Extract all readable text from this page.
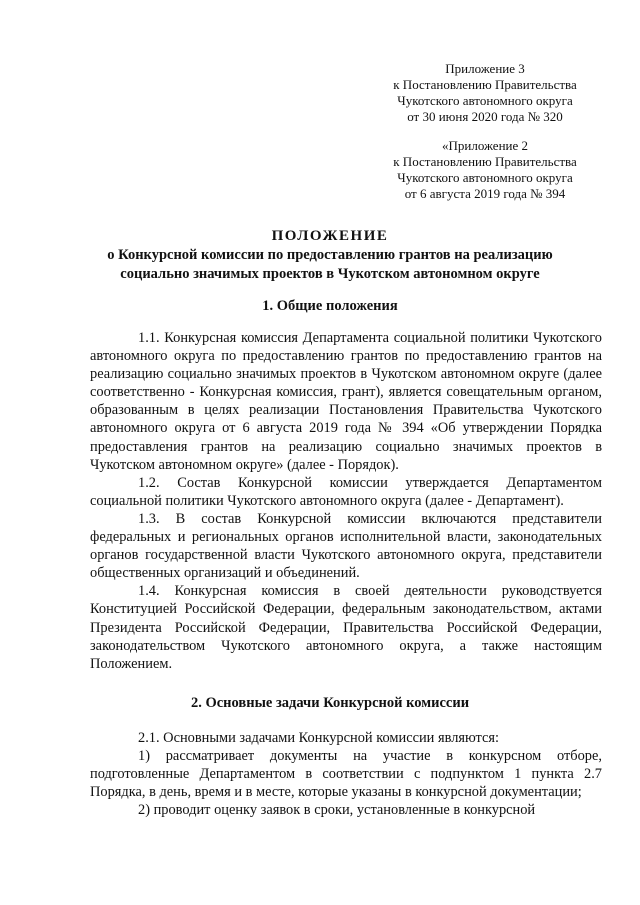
Приложение 3
к Постановлению Правительства
Чукотского автономного округа
от 30 июня 2020 года № 320
«Приложение 2
к Постановлению Правительства
Чукотского автономного округа
от 6 августа 2019 года № 394
ПОЛОЖЕНИЕ
о Конкурсной комиссии по предоставлению грантов на реализацию
социально значимых проектов в Чукотском автономном округе
1. Общие положения

1.1. Конкурсная комиссия Департамента социальной политики Чукотского автономного округа по предоставлению грантов по предоставлению грантов на реализацию социально значимых проектов в Чукотском автономном округе (далее соответственно - Конкурсная комиссия, грант), является совещательным органом, образованным в целях реализации Постановления Правительства Чукотского автономного округа от 6 августа 2019 года № 394 «Об утверждении Порядка предоставления грантов на реализацию социально значимых проектов в Чукотском автономном округе» (далее - Порядок).

1.2. Состав Конкурсной комиссии утверждается Департаментом социальной политики Чукотского автономного округа (далее - Департамент).

1.3. В состав Конкурсной комиссии включаются представители федеральных и региональных органов исполнительной власти, законодательных органов государственной власти Чукотского автономного округа, представители общественных организаций и объединений.

1.4. Конкурсная комиссия в своей деятельности руководствуется Конституцией Российской Федерации, федеральным законодательством, актами Президента Российской Федерации, Правительства Российской Федерации, законодательством Чукотского автономного округа, а также настоящим Положением.

2. Основные задачи Конкурсной комиссии

2.1. Основными задачами Конкурсной комиссии являются:

1) рассматривает документы на участие в конкурсном отборе, подготовленные Департаментом в соответствии с подпунктом 1 пункта 2.7 Порядка, в день, время и в месте, которые указаны в конкурсной документации;

2) проводит оценку заявок в сроки, установленные в конкурсной
